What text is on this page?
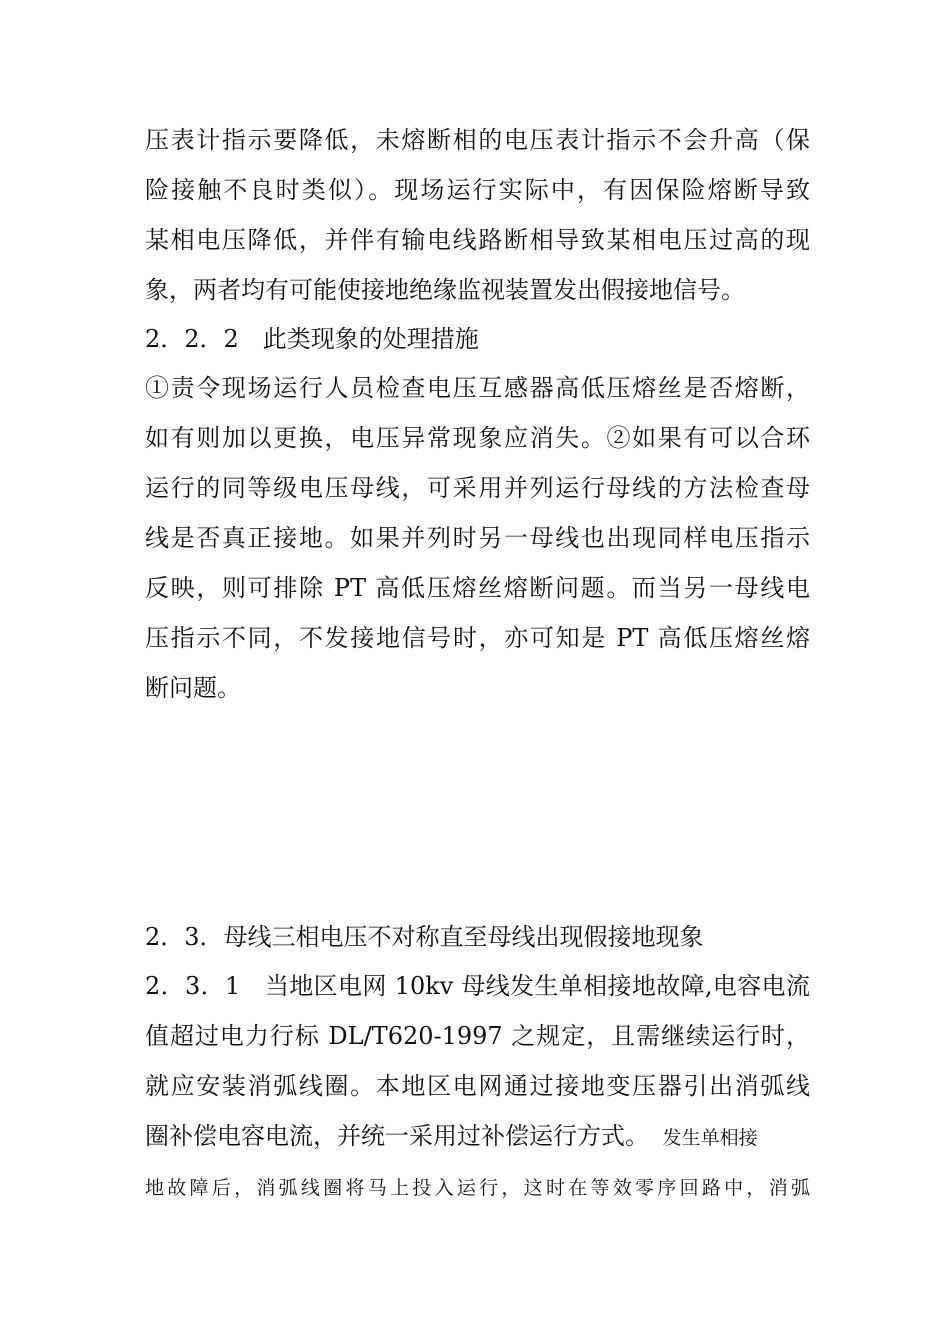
压表计指示要降低，未熔断相的电压表计指示不会升高（保
险接触不良时类似）。现场运行实际中，有因保险熔断导致
某相电压降低，并伴有输电线路断相导致某相电压过高的现
象，两者均有可能使接地绝缘监视装置发出假接地信号。
2．2．2　此类现象的处理措施
①责令现场运行人员检查电压互感器高低压熔丝是否熔断，
如有则加以更换，电压异常现象应消失。②如果有可以合环
运行的同等级电压母线，可采用并列运行母线的方法检查母
线是否真正接地。如果并列时另一母线也出现同样电压指示
反映，则可排除 PT 高低压熔丝熔断问题。而当另一母线电
压指示不同，不发接地信号时，亦可知是 PT 高低压熔丝熔
断问题。
2．3．母线三相电压不对称直至母线出现假接地现象
2．3．1　当地区电网 10kv 母线发生单相接地故障,电容电流
值超过电力行标 DL/T620-1997 之规定，且需继续运行时，
就应安装消弧线圈。本地区电网通过接地变压器引出消弧线
圈补偿电容电流，并统一采用过补偿运行方式。 发生单相接
地故障后，消弧线圈将马上投入运行，这时在等效零序回路中，消弧
